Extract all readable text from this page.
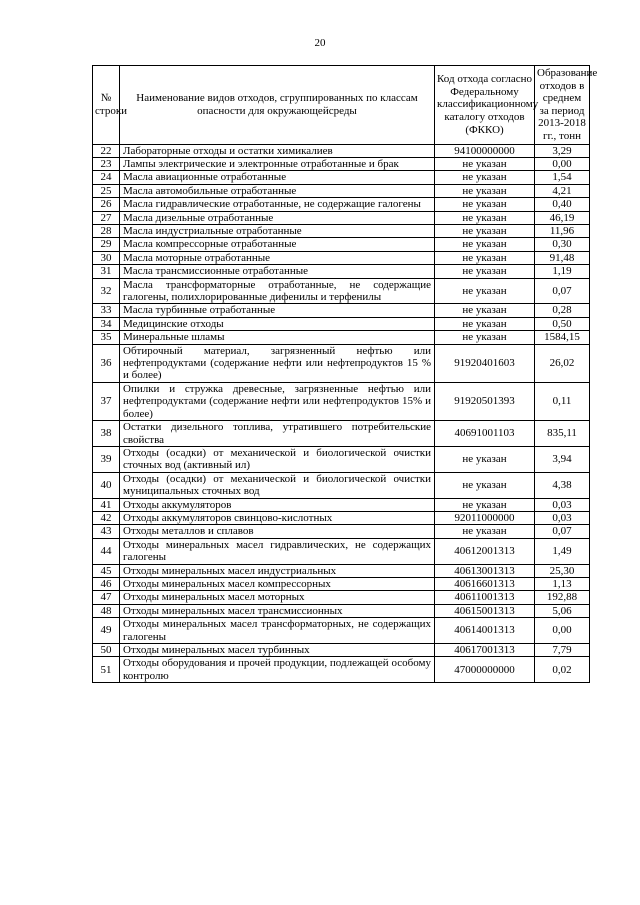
20
№ строки	Наименование видов отходов, сгруппированных по классам опасности для окружающейсреды	Код отхода согласно Федеральному классификационному каталогу отходов (ФККО)	Образование отходов в среднем за период 2013-2018 гг., тонн
22	Лабораторные отходы и остатки химикалиев	94100000000	3,29
23	Лампы электрические и электронные отработанные и брак	не указан	0,00
24	Масла авиационные отработанные	не указан	1,54
25	Масла автомобильные отработанные	не указан	4,21
26	Масла гидравлические отработанные, не содержащие галогены	не указан	0,40
27	Масла дизельные отработанные	не указан	46,19
28	Масла индустриальные отработанные	не указан	11,96
29	Масла компрессорные отработанные	не указан	0,30
30	Масла моторные отработанные	не указан	91,48
31	Масла трансмиссионные отработанные	не указан	1,19
32	Масла трансформаторные отработанные, не содержащие галогены, полихлорированные дифенилы и терфенилы	не указан	0,07
33	Масла турбинные отработанные	не указан	0,28
34	Медицинские отходы	не указан	0,50
35	Минеральные шламы	не указан	1584,15
36	Обтирочный материал, загрязненный нефтью или нефтепродуктами (содержание нефти или нефтепродуктов 15 % и более)	91920401603	26,02
37	Опилки и стружка древесные, загрязненные нефтью или нефтепродуктами (содержание нефти или нефтепродуктов 15% и более)	91920501393	0,11
38	Остатки дизельного топлива, утратившего потребительские свойства	40691001103	835,11
39	Отходы (осадки) от механической и биологической очистки сточных вод (активный ил)	не указан	3,94
40	Отходы (осадки) от механической и биологической очистки муниципальных сточных вод	не указан	4,38
41	Отходы аккумуляторов	не указан	0,03
42	Отходы аккумуляторов свинцово-кислотных	92011000000	0,03
43	Отходы металлов и сплавов	не указан	0,07
44	Отходы минеральных масел гидравлических, не содержащих галогены	40612001313	1,49
45	Отходы минеральных масел индустриальных	40613001313	25,30
46	Отходы минеральных масел компрессорных	40616601313	1,13
47	Отходы минеральных масел моторных	40611001313	192,88
48	Отходы минеральных масел трансмиссионных	40615001313	5,06
49	Отходы минеральных масел трансформаторных, не содержащих галогены	40614001313	0,00
50	Отходы минеральных масел турбинных	40617001313	7,79
51	Отходы оборудования и прочей продукции, подлежащей особому контролю	47000000000	0,02
